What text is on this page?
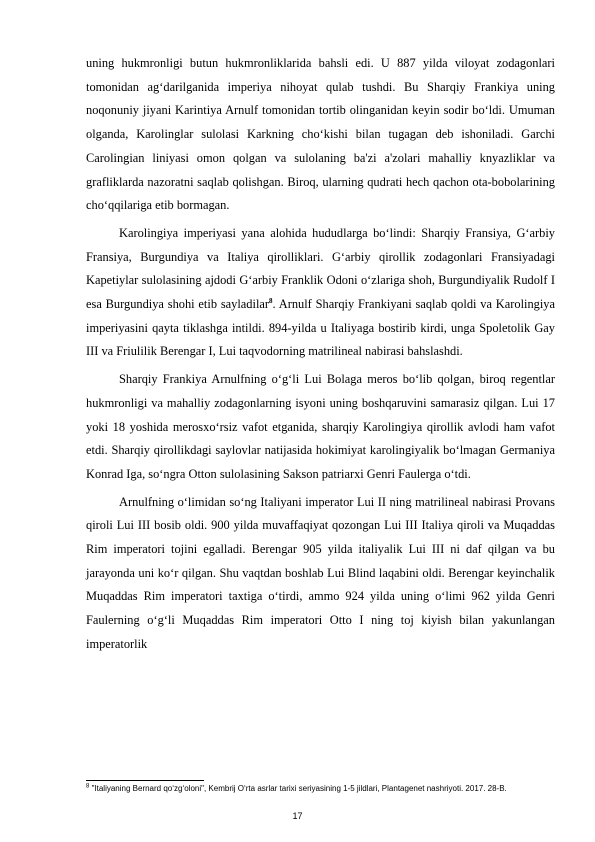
uning hukmronligi butun hukmronliklarida bahsli edi. U 887 yilda viloyat zodagonlari tomonidan ag‘darilganida imperiya nihoyat qulab tushdi. Bu Sharqiy Frankiya uning noqonuniy jiyani Karintiya Arnulf tomonidan tortib olinganidan keyin sodir bo‘ldi. Umuman olganda, Karolinglar sulolasi Karkning cho‘kishi bilan tugagan deb ishoniladi. Garchi Carolingian liniyasi omon qolgan va sulolaning ba'zi a'zolari mahalliy knyazliklar va grafliklarda nazoratni saqlab qolishgan. Biroq, ularning qudrati hech qachon ota-bobolarining cho‘qqilariga etib bormagan.

Karolingiya imperiyasi yana alohida hududlarga bo‘lindi: Sharqiy Fransiya, G‘arbiy Fransiya, Burgundiya va Italiya qirolliklari. G‘arbiy qirollik zodagonlari Fransiyadagi Kapetiylar sulolasining ajdodi G‘arbiy Franklik Odoni o‘zlariga shoh, Burgundiyalik Rudolf I esa Burgundiya shohi etib sayladilar$^8$. Arnulf Sharqiy Frankiyani saqlab qoldi va Karolingiya imperiyasini qayta tiklashga intildi. 894-yilda u Italiyaga bostirib kirdi, unga Spoletolik Gay III va Friulilik Berengar I, Lui taqvodorning matrilineal nabirasi bahslashdi.

Sharqiy Frankiya Arnulfning o‘g‘li Lui Bolaga meros bo‘lib qolgan, biroq regentlar hukmronligi va mahalliy zodagonlarning isyoni uning boshqaruvini samarasiz qilgan. Lui 17 yoki 18 yoshida merosxo‘rsiz vafot etganida, sharqiy Karolingiya qirollik avlodi ham vafot etdi. Sharqiy qirollikdagi saylovlar natijasida hokimiyat karolingiyalik bo‘lmagan Germaniya Konrad Iga, so‘ngra Otton sulolasining Sakson patriarxi Genri Faulerga o‘tdi.

Arnulfning o‘limidan so‘ng Italiyani imperator Lui II ning matrilineal nabirasi Provans qiroli Lui III bosib oldi. 900 yilda muvaffaqiyat qozongan Lui III Italiya qiroli va Muqaddas Rim imperatori tojini egalladi. Berengar 905 yilda italiyalik Lui III ni daf qilgan va bu jarayonda uni ko‘r qilgan. Shu vaqtdan boshlab Lui Blind laqabini oldi. Berengar keyinchalik Muqaddas Rim imperatori taxtiga o‘tirdi, ammo 924 yilda uning o‘limi 962 yilda Genri Faulerning o‘g‘li Muqaddas Rim imperatori Otto I ning toj kiyish bilan yakunlangan imperatorlik

$^8$ "Italiyaning Bernard qo‘zg‘oloni", Kembrij O‘rta asrlar tarixi seriyasining 1-5 jildlari, Plantagenet nashriyoti. 2017. 28-B.
17
